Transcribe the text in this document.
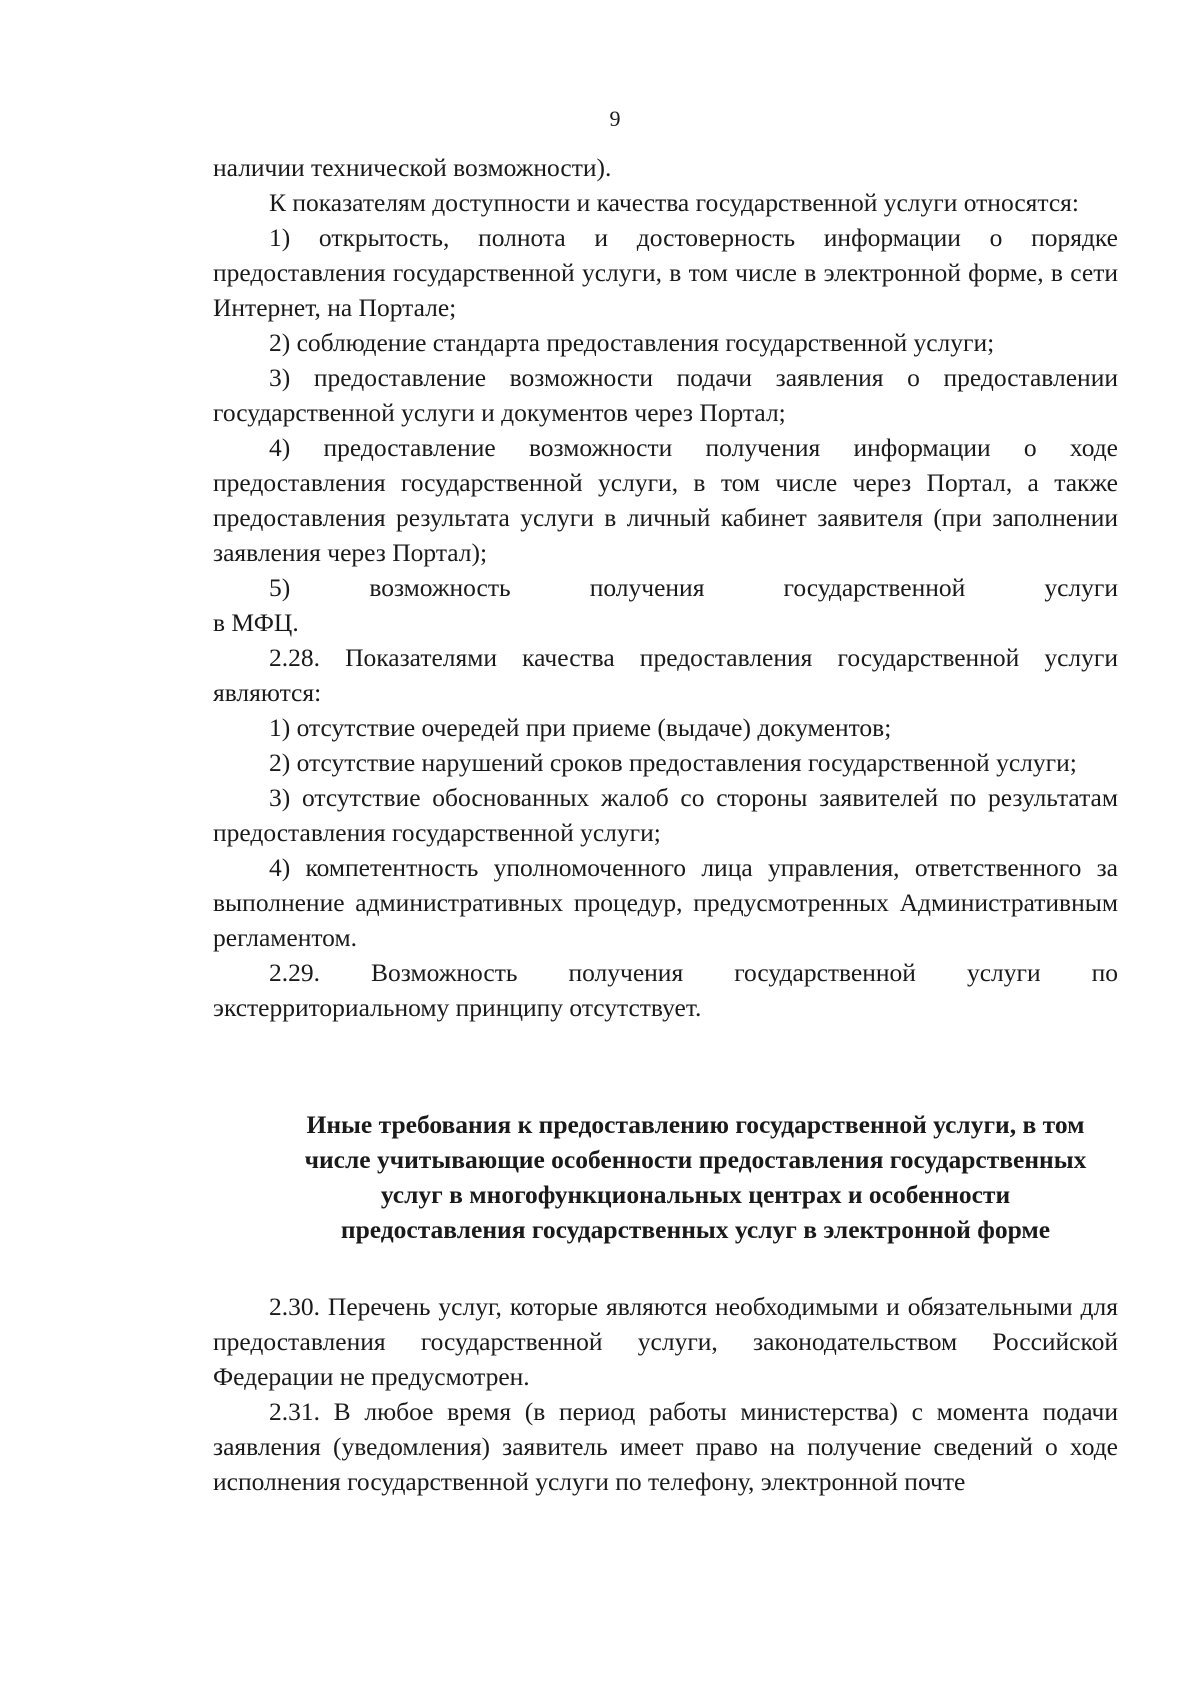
9

наличии технической возможности).

К показателям доступности и качества государственной услуги относятся:

1) открытость, полнота и достоверность информации о порядке предоставления государственной услуги, в том числе в электронной форме, в сети Интернет, на Портале;

2) соблюдение стандарта предоставления государственной услуги;

3) предоставление возможности подачи заявления о предоставлении государственной услуги и документов через Портал;

4) предоставление возможности получения информации о ходе предоставления государственной услуги, в том числе через Портал, а также предоставления результата услуги в личный кабинет заявителя (при заполнении заявления через Портал);

5) возможность получения государственной услуги

в МФЦ.

2.28. Показателями качества предоставления государственной услуги являются:

1) отсутствие очередей при приеме (выдаче) документов;

2) отсутствие нарушений сроков предоставления государственной услуги;

3) отсутствие обоснованных жалоб со стороны заявителей по результатам предоставления государственной услуги;

4) компетентность уполномоченного лица управления, ответственного за выполнение административных процедур, предусмотренных Административным регламентом.

2.29. Возможность получения государственной услуги по экстерриториальному принципу отсутствует.

Иные требования к предоставлению государственной услуги, в том

числе учитывающие особенности предоставления государственных

услуг в многофункциональных центрах и особенности

предоставления государственных услуг в электронной форме

2.30. Перечень услуг, которые являются необходимыми и обязательными для предоставления государственной услуги, законодательством Российской Федерации не предусмотрен.

2.31. В любое время (в период работы министерства) с момента подачи заявления (уведомления) заявитель имеет право на получение сведений о ходе исполнения государственной услуги по телефону, электронной почте
